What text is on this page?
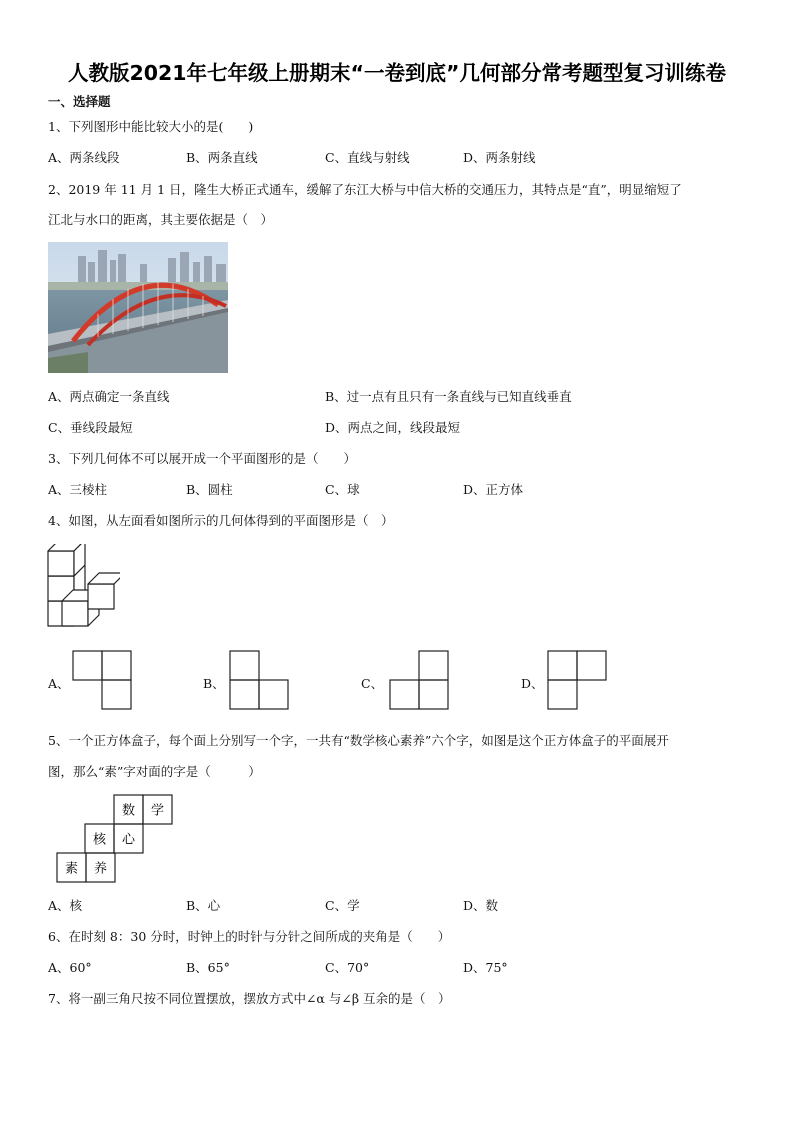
人教版2021年七年级上册期末“一卷到底”几何部分常考题型复习训练卷
一、选择题
1、下列图形中能比较大小的是(　　)
A、两条线段	B、两条直线	C、直线与射线	D、两条射线
2、2019 年 11 月 1 日，隆生大桥正式通车，缓解了东江大桥与中信大桥的交通压力，其特点是“直”，明显缩短了
江北与水口的距离，其主要依据是（　）
A、两点确定一条直线	B、过一点有且只有一条直线与已知直线垂直
C、垂线段最短	D、两点之间，线段最短
3、下列几何体不可以展开成一个平面图形的是（　　）
A、三棱柱	B、圆柱	C、球	D、正方体
4、如图，从左面看如图所示的几何体得到的平面图形是（　）
A、	B、	C、	D、
5、一个正方体盒子，每个面上分别写一个字，一共有“数学核心素养”六个字，如图是这个正方体盒子的平面展开
图，那么“素”字对面的字是（　　　）
数 学
核 心
素 养
A、核	B、心	C、学	D、数
6、在时刻 8：30 分时，时钟上的时针与分针之间所成的夹角是（　　）
A、60°	B、65°	C、70°	D、75°
7、将一副三角尺按不同位置摆放，摆放方式中∠α 与∠β 互余的是（　）
